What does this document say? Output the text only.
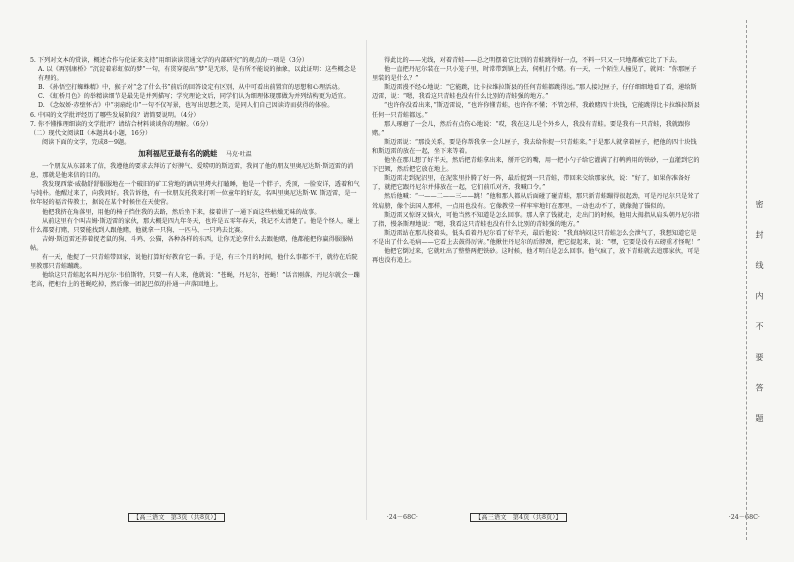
5. 下列对文本的赏读，概述合作与伦证来支持“用细读读贯通文学的内部研究”的观点的一项是（3分）

A. 以《再别康桥》“沉淀着彩虹似的梦”一句，有贯穿提出“梦”是无形，是有所不能说的抽象，以此证明：这些概念是有理的。

B. 《孙悟空打蜘蛛精》中，猴子对“念了什么书”前后的回答设定有区别，从中可看出前置宫的思想和心理活动。

C. 《虹桥月色》的举精读细节是最先是并列描写；学究理论文后，同学们认为细理体现那做为并列结构更为适宜。

D. 《念奴娇·赤壁怀古》中“羽扇纶巾”一句不仅写景，也写出思想之美，是同人们自己因读诗而获得的体验。

6. 中国的文学批评经历了哪些发展阶段？请简要说明。（4分）

7. 你不懂推理细读的文学批评？请结合材料谈谈你的理解。（6分）

（二）现代文阅读Ⅱ（本题共4小题，16分）

阅读下面的文字，完成8～9题。

加利福尼亚最有名的跳蛙 马克·吐温

一个朋友从东部来了信，我遵他的要求去拜访了好脾气、爱唠叨的斯迈雷，我问了他的朋友里奥尼达斯·斯迈雷的消息，那就是他来信的目的。

我发现西蒙·威勒舒舒服服地在一个破旧的矿工营地的酒店里烤火打瞌睡，他是一个胖子，秃顶，一脸安详，透着和气与纯朴。他醒过来了，向我问好。我告诉他，有一位朋友托我来打听一位童年的好友，名叫里奥尼达斯·W. 斯迈雷，是一位年轻的福音传教士，据说在某个时候住在天使营。

他把我挤在角落里，用他的椅子挡住我的去路，然后坐下来，接着讲了一通下面这些枯燥无味的故事。

从前这里有个叫吉姆·斯迈雷的家伙，那大概是四九年冬天，也许是五零年春天，我记不太清楚了。他是个怪人，碰上什么都要打赌，只要能找到人跟他赌，他就拿一只狗、一匹马、一只鸡去比赛。

吉姆·斯迈雷还养着捉老鼠的狗、斗鸡、公猫，各种各样的东西，让你无论拿什么去跟他赌，他都能把你赢得服服帖帖。

有一天，他捉了一只青蛙带回家，说他打算好好教育它一番。于是，有三个月的时间，他什么事都不干，就待在后院里教那只青蛙蹦跳。

他给这只青蛙起名叫丹尼尔·韦伯斯特，只要一有人来，他就说：“苍蝇，丹尼尔，苍蝇！”话音刚落，丹尼尔就会一蹦老高，把柜台上的苍蝇吃掉，然后像一团泥巴似的扑通一声落回地上。

得此比的——光线，对着青蛙——总之明摆着它比别的青蛙跳得好一点，不料一只又一只地都被它比了下去。

他一直把丹尼尔装在一只小笼子里，时常带到镇上去，伺机打个赌。有一天，一个陌生人撞见了，就问：“你那匣子里装的是什么？”

斯迈雷漫不经心地说：“它能跳，比卡拉维拉斯县的任何青蛙都跳得远。”那人接过匣子，仔仔细细地看了看，递给斯迈雷，说：“嗯，我看这只青蛙也没有什么比别的青蛙强的地方。”

“也许你没看出来，”斯迈雷说，“也许你懂青蛙，也许你不懂；不管怎样，我敢赌四十块钱，它能跳得比卡拉维拉斯县任何一只青蛙都远。”

那人琢磨了一会儿，然后有点伤心地说：“哎，我在这儿是个外乡人，我没有青蛙。要是我有一只青蛙，我就跟你赌。”

斯迈雷说：“那没关系，要是你帮我拿一会儿匣子，我去给你捉一只青蛙来。”于是那人就拿着匣子，把他的四十块钱和斯迈雷的放在一起，坐下来等着。

他坐在那儿想了好半天，然后把青蛙拿出来，掰开它的嘴，用一把小勺子给它灌满了打鹌鹑用的铁砂，一直灌到它的下巴颏，然后把它放在地上。

斯迈雷走到泥沼里，在泥浆里扑腾了好一阵，最后捉到一只青蛙，带回来交给那家伙，说：“好了，如果你准备好了，就把它跟丹尼尔并排放在一起，它们前爪对齐，我喊口令。”

然后他喊：“一——二——三——跳！”他和那人都从后面碰了碰青蛙，那只新青蛙蹦得很起劲，可是丹尼尔只是耸了耸肩膀，像个法国人那样，一点用也没有。它像教堂一样牢牢地钉在那里，一动也动不了，就像抛了锚似的。

斯迈雷又惊讶又恼火，可他当然不知道是怎么回事。那人拿了钱就走，走出门的时候，他用大拇指从肩头朝丹尼尔指了指，慢条斯理地说：“嗯，我看这只青蛙也没有什么比别的青蛙强的地方。”

斯迈雷站在那儿挠着头，低头看着丹尼尔看了好半天，最后他说：“我真纳闷这只青蛙怎么会泄气了，我想知道它是不是出了什么毛病——它看上去鼓得厉害。”他揪住丹尼尔的后脖颈，把它提起来，说：“嘿，它要是没有五磅重才怪呢！”

他把它倒过来，它就吐出了整整两把铁砂。这时候，他才明白是怎么回事。他气疯了，放下青蛙就去追那家伙，可是再也没有追上。

【高三语文　第3页（共8页）】	·24－68C·	【高三语文　第4页（共8页）】	·24－68C·
密 封 线 内 不 要 答 题
